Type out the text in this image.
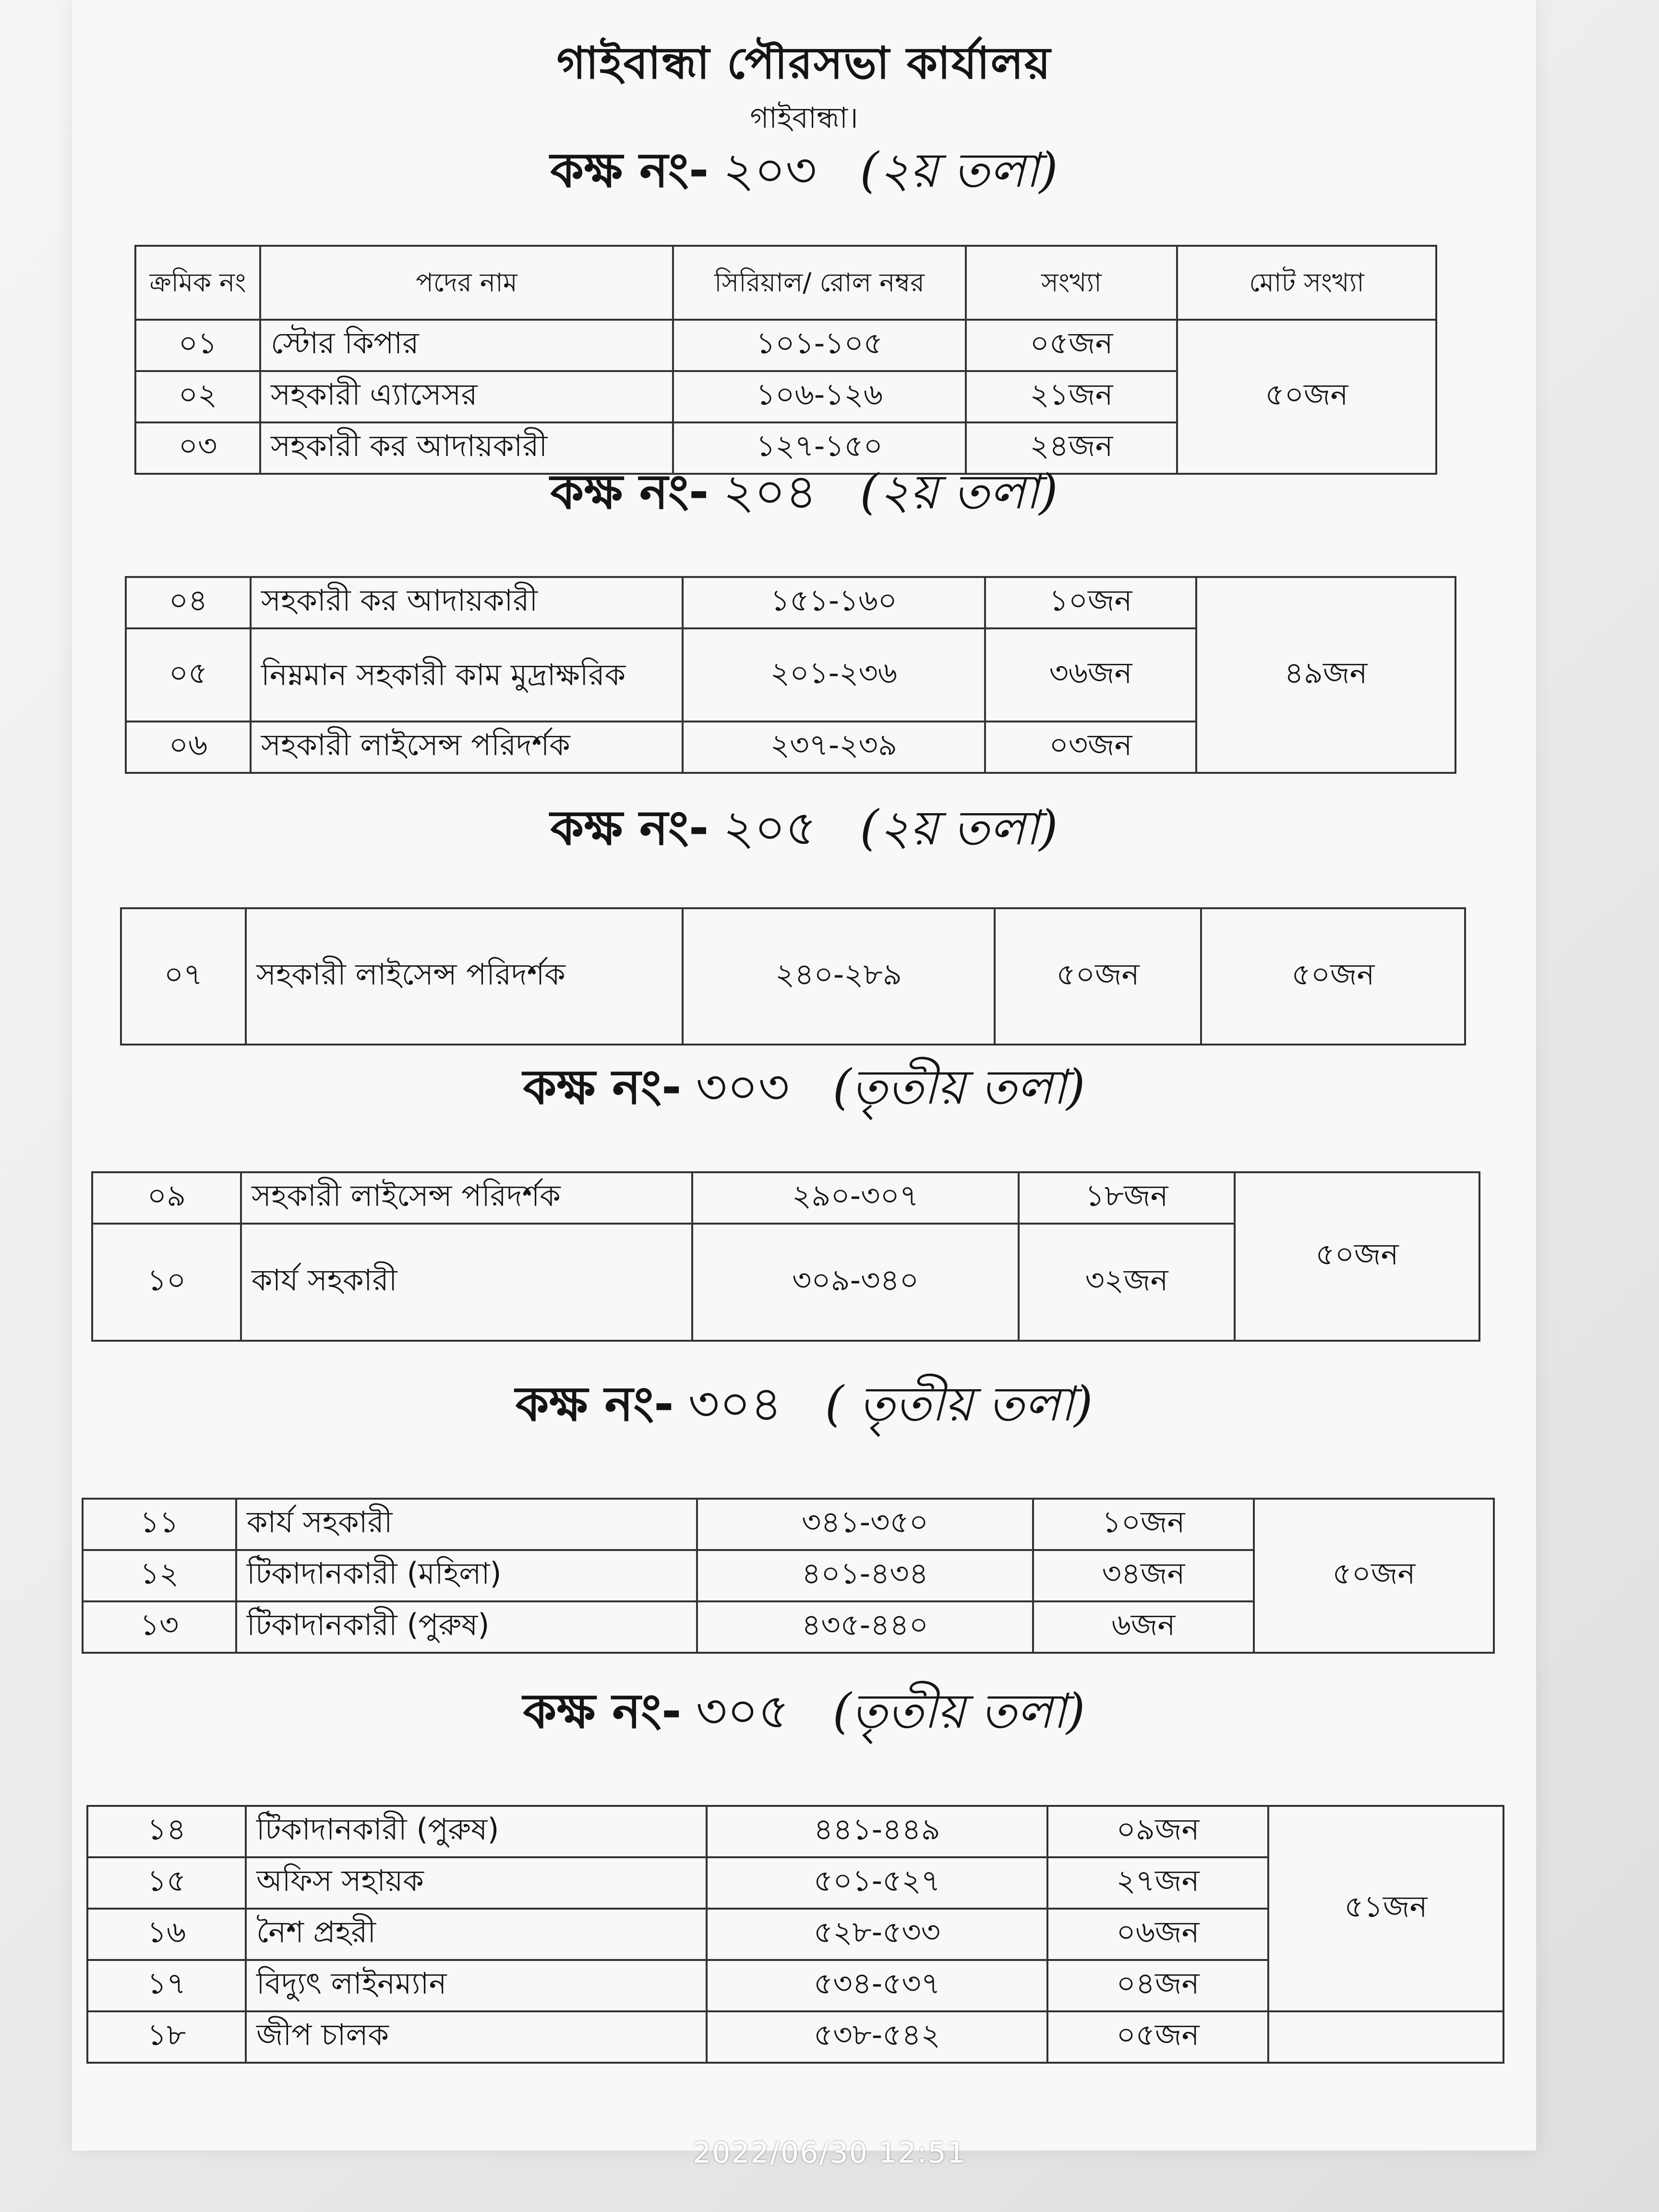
গাইবান্ধা পৌরসভা কার্যালয়
গাইবান্ধা।
কক্ষ নং- ২০৩ (২য় তলা)
ক্রমিক নং	পদের নাম	সিরিয়াল/ রোল নম্বর	সংখ্যা	মোট সংখ্যা
০১	স্টোর কিপার	১০১-১০৫	০৫জন	৫০জন
০২	সহকারী এ্যাসেসর	১০৬-১২৬	২১জন	
০৩	সহকারী কর আদায়কারী	১২৭-১৫০	২৪জন	
কক্ষ নং- ২০৪ (২য় তলা)
০৪	সহকারী কর আদায়কারী	১৫১-১৬০	১০জন	৪৯জন
০৫	নিম্নমান সহকারী কাম মুদ্রাক্ষরিক	২০১-২৩৬	৩৬জন	
০৬	সহকারী লাইসেন্স পরিদর্শক	২৩৭-২৩৯	০৩জন	
কক্ষ নং- ২০৫ (২য় তলা)
০৭	সহকারী লাইসেন্স পরিদর্শক	২৪০-২৮৯	৫০জন	৫০জন
কক্ষ নং- ৩০৩ (তৃতীয় তলা)
০৯	সহকারী লাইসেন্স পরিদর্শক	২৯০-৩০৭	১৮জন	৫০জন
১০	কার্য সহকারী	৩০৯-৩৪০	৩২জন	
কক্ষ নং- ৩০৪ ( তৃতীয় তলা)
১১	কার্য সহকারী	৩৪১-৩৫০	১০জন	৫০জন
১২	টিকাদানকারী (মহিলা)	৪০১-৪৩৪	৩৪জন	
১৩	টিকাদানকারী (পুরুষ)	৪৩৫-৪৪০	৬জন	
কক্ষ নং- ৩০৫ (তৃতীয় তলা)
১৪	টিকাদানকারী (পুরুষ)	৪৪১-৪৪৯	০৯জন	৫১জন
১৫	অফিস সহায়ক	৫০১-৫২৭	২৭জন	
১৬	নৈশ প্রহরী	৫২৮-৫৩৩	০৬জন	
১৭	বিদ্যুৎ লাইনম্যান	৫৩৪-৫৩৭	০৪জন	
১৮	জীপ চালক	৫৩৮-৫৪২	০৫জন	
2022/06/30 12:51
